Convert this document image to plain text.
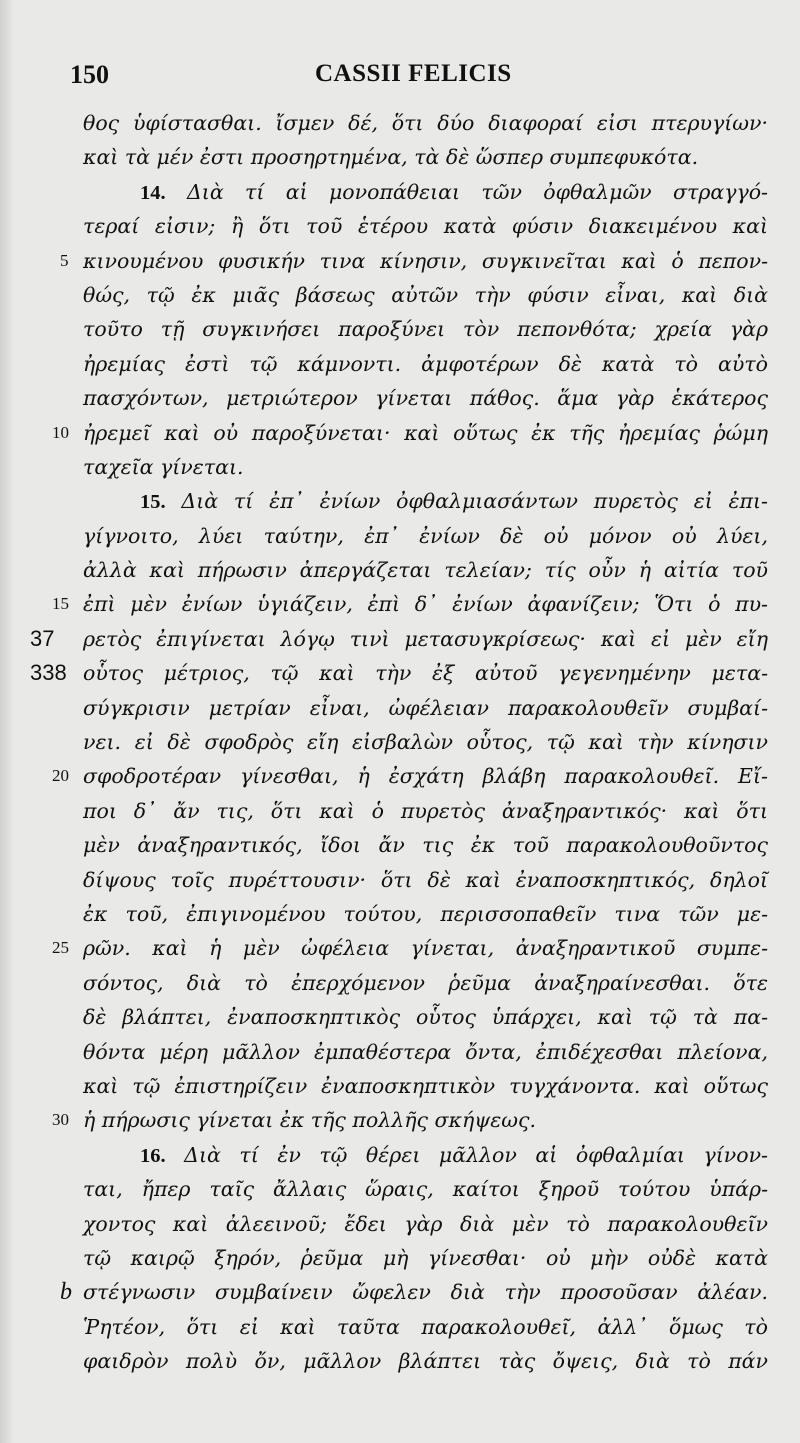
150	CASSII FELICIS
θος ὑφίστασθαι. ἴσμεν δέ, ὅτι δύο διαφοραί εἰσι πτερυγίων·
καὶ τὰ μέν ἐστι προσηρτημένα, τὰ δὲ ὥσπερ συμπεφυκότα.
14. Διὰ τί αἱ μονοπάθειαι τῶν ὀφθαλμῶν στραγγό-
τεραί εἰσιν; ἢ ὅτι τοῦ ἑτέρου κατὰ φύσιν διακειμένου καὶ
5 κινουμένου φυσικήν τινα κίνησιν, συγκινεῖται καὶ ὁ πεπον-
θώς, τῷ ἐκ μιᾶς βάσεως αὐτῶν τὴν φύσιν εἶναι, καὶ διὰ
τοῦτο τῇ συγκινήσει παροξύνει τὸν πεπονθότα; χρεία γὰρ
ἠρεμίας ἐστὶ τῷ κάμνοντι. ἀμφοτέρων δὲ κατὰ τὸ αὐτὸ
πασχόντων, μετριώτερον γίνεται πάθος. ἅμα γὰρ ἑκάτερος
10 ἠρεμεῖ καὶ οὐ παροξύνεται· καὶ οὕτως ἐκ τῆς ἠρεμίας ῥώμη
ταχεῖα γίνεται.
15. Διὰ τί ἐπ᾽ ἐνίων ὀφθαλμιασάντων πυρετὸς εἰ ἐπι-
γίγνοιτο, λύει ταύτην, ἐπ᾽ ἐνίων δὲ οὐ μόνον οὐ λύει,
ἀλλὰ καὶ πήρωσιν ἀπεργάζεται τελείαν; τίς οὖν ἡ αἰτία τοῦ
15 ἐπὶ μὲν ἐνίων ὑγιάζειν, ἐπὶ δ᾽ ἐνίων ἀφανίζειν; Ὅτι ὁ πυ-
37 ρετὸς ἐπιγίνεται λόγῳ τινὶ μετασυγκρίσεως· καὶ εἰ μὲν εἴη
338 οὗτος μέτριος, τῷ καὶ τὴν ἐξ αὐτοῦ γεγενημένην μετα-
σύγκρισιν μετρίαν εἶναι, ὠφέλειαν παρακολουθεῖν συμβαί-
νει. εἰ δὲ σφοδρὸς εἴη εἰσβαλὼν οὗτος, τῷ καὶ τὴν κίνησιν
20 σφοδροτέραν γίνεσθαι, ἡ ἐσχάτη βλάβη παρακολουθεῖ. Εἴ-
ποι δ᾽ ἄν τις, ὅτι καὶ ὁ πυρετὸς ἀναξηραντικός· καὶ ὅτι
μὲν ἀναξηραντικός, ἴδοι ἄν τις ἐκ τοῦ παρακολουθοῦντος
δίψους τοῖς πυρέττουσιν· ὅτι δὲ καὶ ἐναποσκηπτικός, δηλοῖ
ἐκ τοῦ, ἐπιγινομένου τούτου, περισσοπαθεῖν τινα τῶν με-
25 ρῶν. καὶ ἡ μὲν ὠφέλεια γίνεται, ἀναξηραντικοῦ συμπε-
σόντος, διὰ τὸ ἐπερχόμενον ῥεῦμα ἀναξηραίνεσθαι. ὅτε
δὲ βλάπτει, ἐναποσκηπτικὸς οὗτος ὑπάρχει, καὶ τῷ τὰ πα-
θόντα μέρη μᾶλλον ἐμπαθέστερα ὄντα, ἐπιδέχεσθαι πλείονα,
καὶ τῷ ἐπιστηρίζειν ἐναποσκηπτικὸν τυγχάνοντα. καὶ οὕτως
30 ἡ πήρωσις γίνεται ἐκ τῆς πολλῆς σκήψεως.
16. Διὰ τί ἐν τῷ θέρει μᾶλλον αἱ ὀφθαλμίαι γίνον-
ται, ἤπερ ταῖς ἄλλαις ὥραις, καίτοι ξηροῦ τούτου ὑπάρ-
χοντος καὶ ἀλεεινοῦ; ἔδει γὰρ διὰ μὲν τὸ παρακολουθεῖν
τῷ καιρῷ ξηρόν, ῥεῦμα μὴ γίνεσθαι· οὐ μὴν οὐδὲ κατὰ
b στέγνωσιν συμβαίνειν ὤφελεν διὰ τὴν προσοῦσαν ἀλέαν.
Ῥητέον, ὅτι εἰ καὶ ταῦτα παρακολουθεῖ, ἀλλ᾽ ὅμως τὸ
φαιδρὸν πολὺ ὄν, μᾶλλον βλάπτει τὰς ὄψεις, διὰ τὸ πάν
